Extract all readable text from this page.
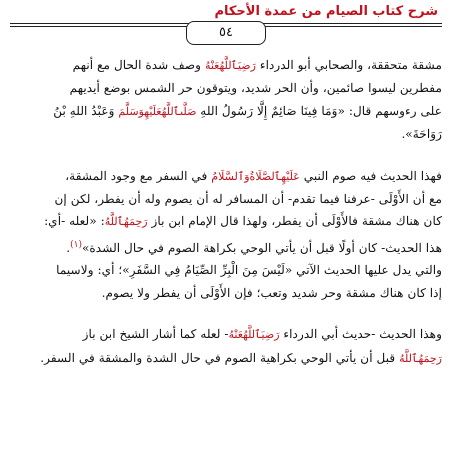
شرح كتاب الصيام من عمدة الأحكام
٥٤

مشقة متحققة، والصحابي أبو الدرداء رَضِيَٱللَّهُعَنْهُ وصف شدة الحال مع أنهم

مفطرين ليسوا صائمين، وأن الحر شديد، ويتوقون حر الشمس بوضع أيديهم

على رءوسهم قال: «وَمَا فِينَا صَائِمٌ إِلَّا رَسُولُ اللهِ صَلَّىٱللَّهُعَلَيْهِوَسَلَّمَ وَعَبْدُ اللهِ بْنُ

رَوَاحَةَ».

فهذا الحديث فيه صوم النبي عَلَيْهِٱلصَّلَاةُوَٱلسَّلَامُ في السفر مع وجود المشقة،

مع أن الأَوْلَى -عرفنا فيما تقدم- أن المسافر له أن يصوم وله أن يفطر، لكن إن

كان هناك مشقة فالأَوْلَى أن يفطر، ولهذا قال الإمام ابن باز رَحِمَهُٱللَّهُ: «لعله -أي:

هذا الحديث- كان أولًا قبل أن يأتي الوحي بكراهة الصوم في حال الشدة»$^{(١)}$.

والتي يدل عليها الحديث الآتي «لَيْسَ مِنَ الْبِرِّ الصِّيَامُ فِي السَّفَرِ»؛ أي: ولاسيما

إذا كان هناك مشقة وحر شديد وتعب؛ فإن الأَوْلَى أن يفطر ولا يصوم.

وهذا الحديث -حديث أبي الدرداء رَضِيَٱللَّهُعَنْهُ- لعله كما أشار الشيخ ابن باز

رَحِمَهُٱللَّهُ قبل أن يأتي الوحي بكراهية الصوم في حال الشدة والمشقة في السفر.
